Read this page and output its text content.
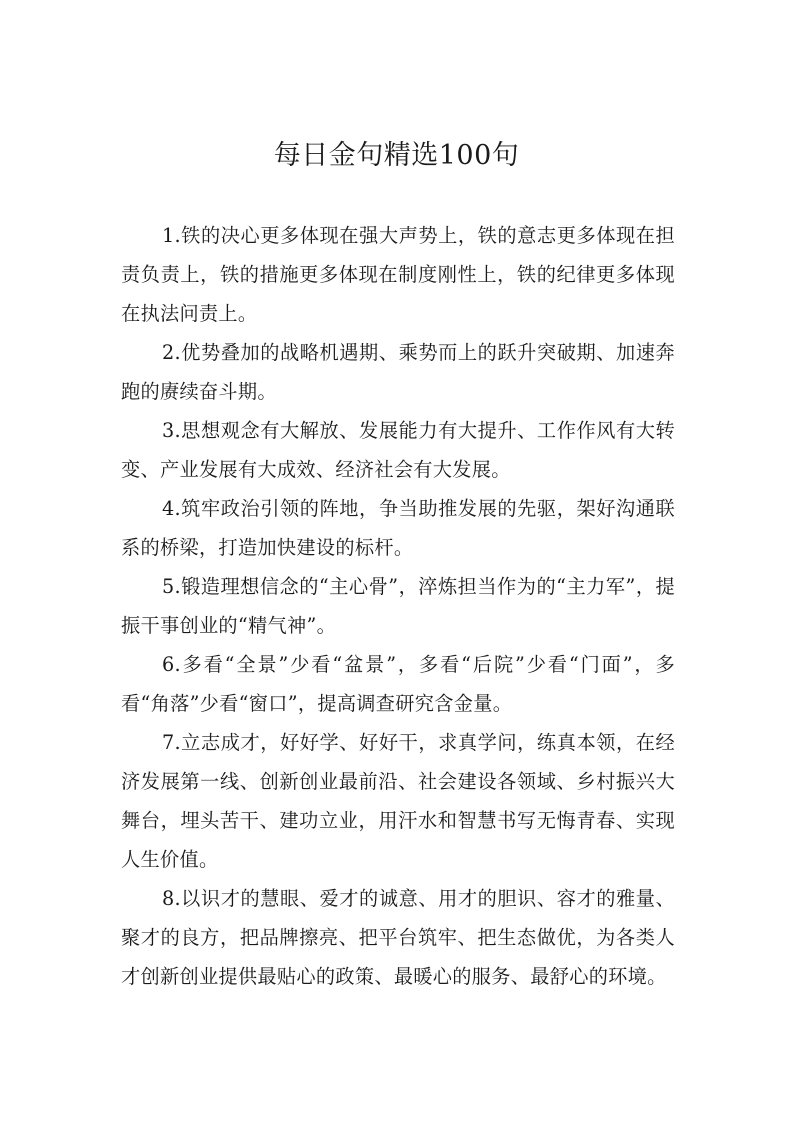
每日金句精选100句

1.铁的决心更多体现在强大声势上，铁的意志更多体现在担责负责上，铁的措施更多体现在制度刚性上，铁的纪律更多体现在执法问责上。

2.优势叠加的战略机遇期、乘势而上的跃升突破期、加速奔跑的赓续奋斗期。

3.思想观念有大解放、发展能力有大提升、工作作风有大转变、产业发展有大成效、经济社会有大发展。

4.筑牢政治引领的阵地，争当助推发展的先驱，架好沟通联系的桥梁，打造加快建设的标杆。

5.锻造理想信念的“主心骨”，淬炼担当作为的“主力军”，提振干事创业的“精气神”。

6.多看“全景”少看“盆景”，多看“后院”少看“门面”，多看“角落”少看“窗口”，提高调查研究含金量。

7.立志成才，好好学、好好干，求真学问，练真本领，在经济发展第一线、创新创业最前沿、社会建设各领域、乡村振兴大舞台，埋头苦干、建功立业，用汗水和智慧书写无悔青春、实现人生价值。

8.以识才的慧眼、爱才的诚意、用才的胆识、容才的雅量、聚才的良方，把品牌擦亮、把平台筑牢、把生态做优，为各类人才创新创业提供最贴心的政策、最暖心的服务、最舒心的环境。
